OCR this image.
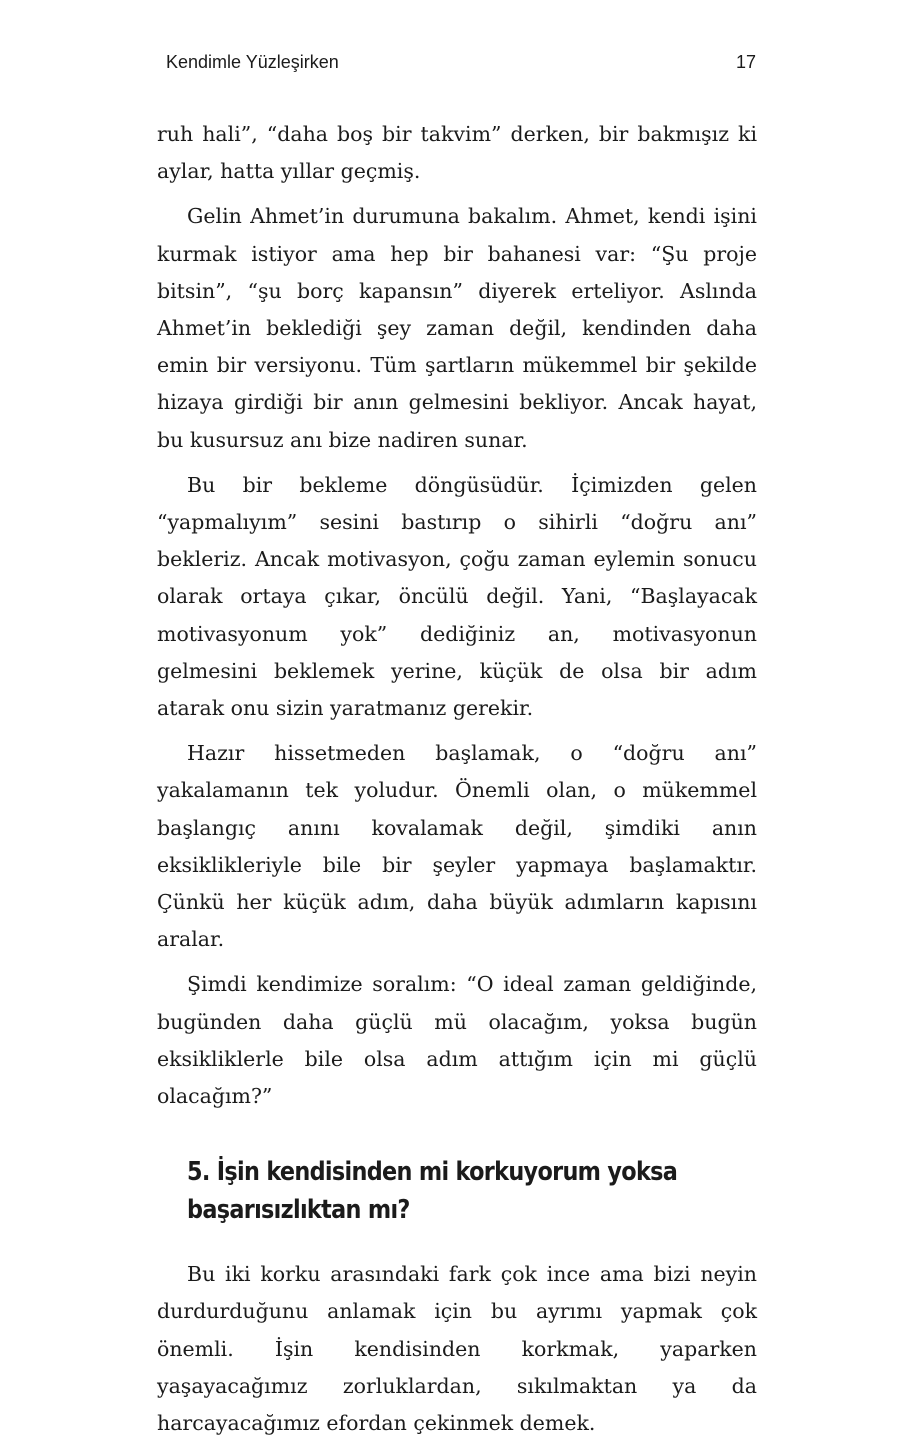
Kendimle Yüzleşirken	17

ruh hali”, “daha boş bir takvim” derken, bir bakmışız ki aylar, hatta yıllar geçmiş.

Gelin Ahmet’in durumuna bakalım. Ahmet, kendi işini kurmak istiyor ama hep bir bahanesi var: “Şu proje bitsin”, “şu borç kapansın” diyerek erteliyor. Aslında Ahmet’in beklediği şey zaman değil, kendinden daha emin bir versiyonu. Tüm şartların mükemmel bir şekilde hizaya girdiği bir anın gelmesini bekliyor. Ancak hayat, bu kusursuz anı bize nadiren sunar.

Bu bir bekleme döngüsüdür. İçimizden gelen “yapmalıyım” sesini bastırıp o sihirli “doğru anı” bekleriz. Ancak motivasyon, çoğu zaman eylemin sonucu olarak ortaya çıkar, öncülü değil. Yani, “Başlayacak motivasyonum yok” dediğiniz an, motivasyonun gelmesini beklemek yerine, küçük de olsa bir adım atarak onu sizin yaratmanız gerekir.

Hazır hissetmeden başlamak, o “doğru anı” yakalamanın tek yoludur. Önemli olan, o mükemmel başlangıç anını kovalamak değil, şimdiki anın eksiklikleriyle bile bir şeyler yapmaya başlamaktır. Çünkü her küçük adım, daha büyük adımların kapısını aralar.

Şimdi kendimize soralım: “O ideal zaman geldiğinde, bugünden daha güçlü mü olacağım, yoksa bugün eksikliklerle bile olsa adım attığım için mi güçlü olacağım?”

5. İşin kendisinden mi korkuyorum yoksa başarısızlıktan mı?

Bu iki korku arasındaki fark çok ince ama bizi neyin durdurduğunu anlamak için bu ayrımı yapmak çok önemli. İşin kendisinden korkmak, yaparken yaşayacağımız zorluklardan, sıkılmaktan ya da harcayacağımız efordan çekinmek demek.
